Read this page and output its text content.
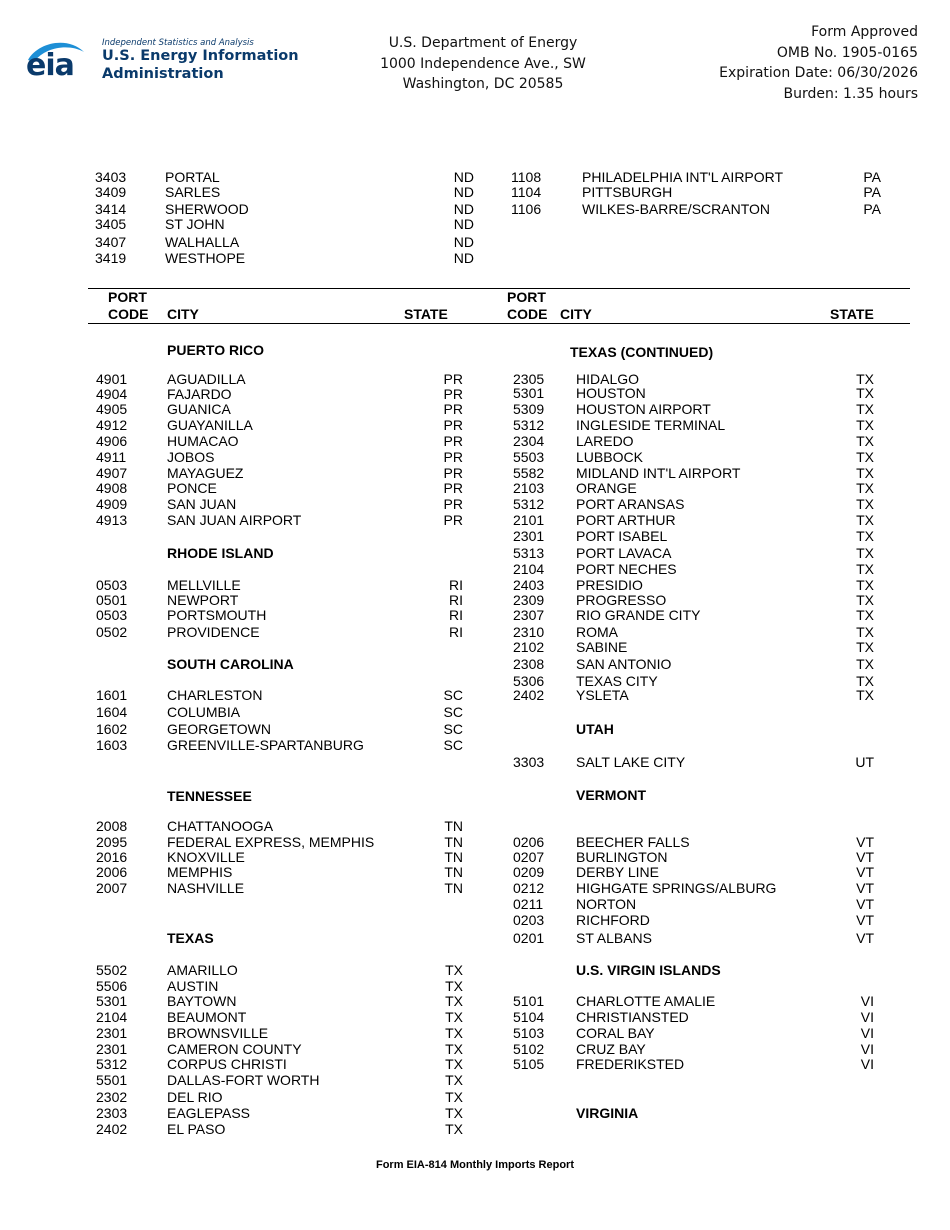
eia
Independent Statistics and Analysis
U.S. Energy Information
Administration
U.S. Department of Energy
1000 Independence Ave., SW
Washington, DC 20585
Form Approved
OMB No. 1905-0165
Expiration Date: 06/30/2026
Burden: 1.35 hours
3403	PORTAL	ND
3409	SARLES	ND
3414	SHERWOOD	ND
3405	ST JOHN	ND
3407	WALHALLA	ND
3419	WESTHOPE	ND
1108	PHILADELPHIA INT'L AIRPORT	PA
1104	PITTSBURGH	PA
1106	WILKES-BARRE/SCRANTON	PA
PORT
CODE CITY	STATE
PORT
CODE CITY	STATE
PUERTO RICO
4901	AGUADILLA	PR
4904	FAJARDO	PR
4905	GUANICA	PR
4912	GUAYANILLA	PR
4906	HUMACAO	PR
4911	JOBOS	PR
4907	MAYAGUEZ	PR
4908	PONCE	PR
4909	SAN JUAN	PR
4913	SAN JUAN AIRPORT	PR
RHODE ISLAND
0503	MELLVILLE	RI
0501	NEWPORT	RI
0503	PORTSMOUTH	RI
0502	PROVIDENCE	RI
SOUTH CAROLINA
1601	CHARLESTON	SC
1604	COLUMBIA	SC
1602	GEORGETOWN	SC
1603	GREENVILLE-SPARTANBURG	SC
TENNESSEE
2008	CHATTANOOGA	TN
2095	FEDERAL EXPRESS, MEMPHIS	TN
2016	KNOXVILLE	TN
2006	MEMPHIS	TN
2007	NASHVILLE	TN
TEXAS
5502	AMARILLO	TX
5506	AUSTIN	TX
5301	BAYTOWN	TX
2104	BEAUMONT	TX
2301	BROWNSVILLE	TX
2301	CAMERON COUNTY	TX
5312	CORPUS CHRISTI	TX
5501	DALLAS-FORT WORTH	TX
2302	DEL RIO	TX
2303	EAGLEPASS	TX
2402	EL PASO	TX
TEXAS (CONTINUED)
2305 HIDALGO	TX
5301 HOUSTON	TX
5309 HOUSTON AIRPORT	TX
5312 INGLESIDE TERMINAL	TX
2304 LAREDO	TX
5503 LUBBOCK	TX
5582 MIDLAND INT'L AIRPORT	TX
2103 ORANGE	TX
5312 PORT ARANSAS	TX
2101 PORT ARTHUR	TX
2301 PORT ISABEL	TX
5313 PORT LAVACA	TX
2104 PORT NECHES	TX
2403 PRESIDIO	TX
2309 PROGRESSO	TX
2307 RIO GRANDE CITY	TX
2310 ROMA	TX
2102 SABINE	TX
2308 SAN ANTONIO	TX
5306 TEXAS CITY	TX
2402 YSLETA	TX
UTAH
3303 SALT LAKE CITY	UT
VERMONT
0206 BEECHER FALLS	VT
0207 BURLINGTON	VT
0209 DERBY LINE	VT
0212 HIGHGATE SPRINGS/ALBURG	VT
0211 NORTON	VT
0203 RICHFORD	VT
0201 ST ALBANS	VT
U.S. VIRGIN ISLANDS
5101 CHARLOTTE AMALIE	VI
5104 CHRISTIANSTED	VI
5103 CORAL BAY	VI
5102 CRUZ BAY	VI
5105 FREDERIKSTED	VI
VIRGINIA
Form EIA-814 Monthly Imports Report
